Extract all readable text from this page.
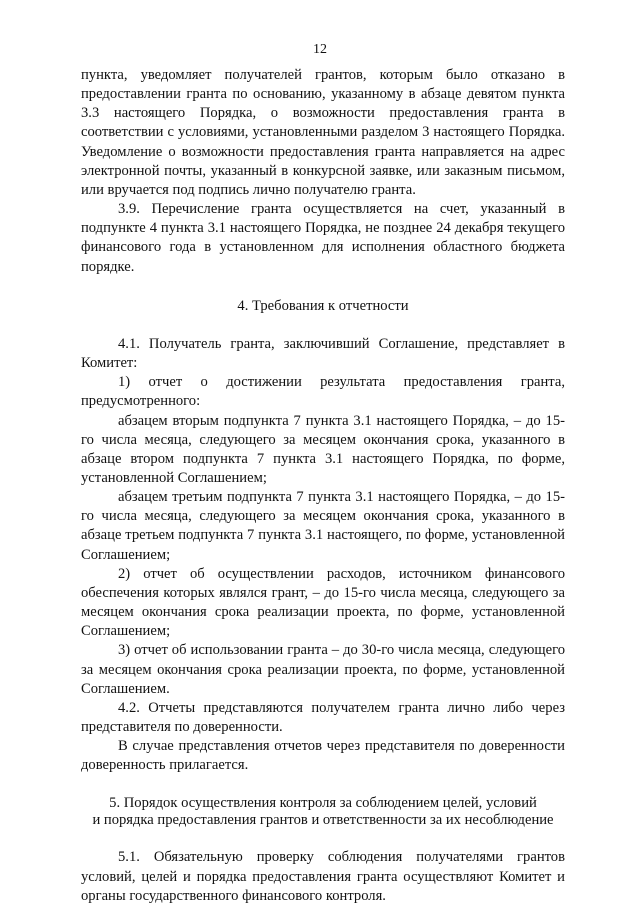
12

пункта, уведомляет получателей грантов, которым было отказано в предоставлении гранта по основанию, указанному в абзаце девятом пункта 3.3 настоящего Порядка, о возможности предоставления гранта в соответствии с условиями, установленными разделом 3 настоящего Порядка. Уведомление о возможности предоставления гранта направляется на адрес электронной почты, указанный в конкурсной заявке, или заказным письмом, или вручается под подпись лично получателю гранта.

3.9. Перечисление гранта осуществляется на счет, указанный в подпункте 4 пункта 3.1 настоящего Порядка, не позднее 24 декабря текущего финансового года в установленном для исполнения областного бюджета порядке.

4. Требования к отчетности

4.1. Получатель гранта, заключивший Соглашение, представляет в Комитет:

1) отчет о достижении результата предоставления гранта, предусмотренного:

абзацем вторым подпункта 7 пункта 3.1 настоящего Порядка, – до 15-го числа месяца, следующего за месяцем окончания срока, указанного в абзаце втором подпункта 7 пункта 3.1 настоящего Порядка, по форме, установленной Соглашением;

абзацем третьим подпункта 7 пункта 3.1 настоящего Порядка, – до 15-го числа месяца, следующего за месяцем окончания срока, указанного в абзаце третьем подпункта 7 пункта 3.1 настоящего, по форме, установленной Соглашением;

2) отчет об осуществлении расходов, источником финансового обеспечения которых являлся грант, – до 15-го числа месяца, следующего за месяцем окончания срока реализации проекта, по форме, установленной Соглашением;

3) отчет об использовании гранта – до 30-го числа месяца, следующего за месяцем окончания срока реализации проекта, по форме, установленной Соглашением.

4.2. Отчеты представляются получателем гранта лично либо через представителя по доверенности.

В случае представления отчетов через представителя по доверенности доверенность прилагается.

5. Порядок осуществления контроля за соблюдением целей, условий
и порядка предоставления грантов и ответственности за их несоблюдение

5.1. Обязательную проверку соблюдения получателями грантов условий, целей и порядка предоставления гранта осуществляют Комитет и органы государственного финансового контроля.
